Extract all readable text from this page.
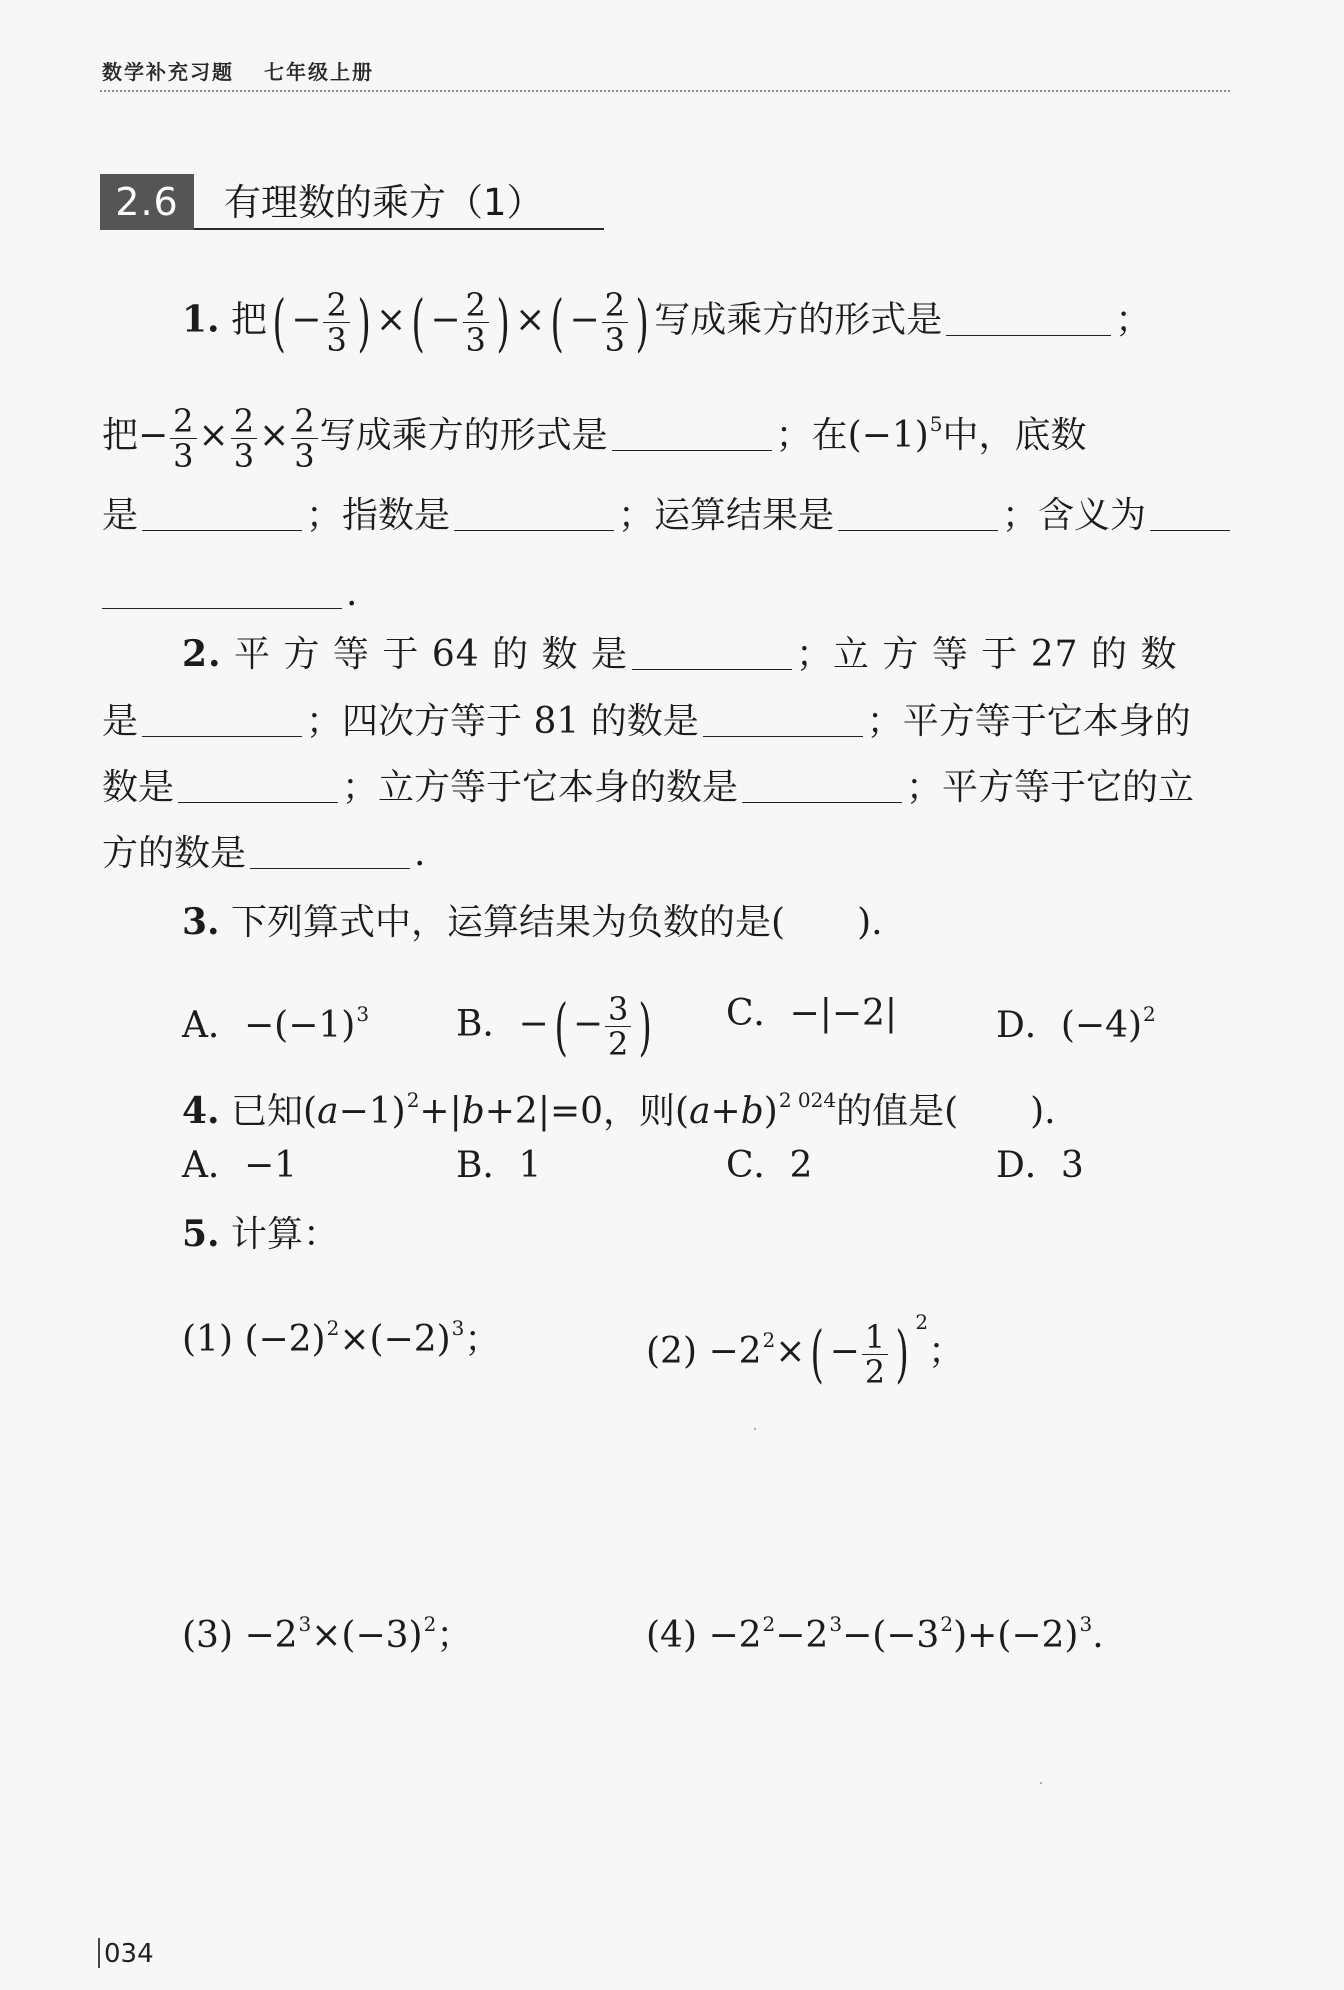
数学补充习题 七年级上册
2.6	有理数的乘方（1）
1. 把( − $\frac{2}{3}$ ) ×( − $\frac{2}{3}$ ) ×( − $\frac{2}{3}$ ) 写成乘方的形式是	；
把− $\frac{2}{3} \times \frac{2}{3} \times \frac{2}{3}$ 写成乘方的形式是	；在$(-1)^5$中，底数
是	；指数是	；运算结果是	；含义为
.
2. 平 方 等 于 64 的 数 是	；立 方 等 于 27 的 数
是	；四次方等于 81 的数是	；平方等于它本身的
数是	；立方等于它本身的数是	；平方等于它的立
方的数是	.
3. 下列算式中，运算结果为负数的是(　　).
A．$-(-1)^3$ B．−( − $\frac{3}{2}$ ) C．−|−2|	D．$(-4)^2$
4. 已知$(a-1)^2+|b+2|=0$，则$(a+b)^{2 024}$的值是(　　).
A．−1	B．1	C．2	D．3
5. 计算：
(1) $(-2)^2\times(-2)^3$；	$(2) -2^2\times( - \frac{1}{2}$ ) $^2$；
$(3) -2^3\times(-3)^2$；	$(4) -2^2-2^3-(-3^2)+(-2)^3$.
034
